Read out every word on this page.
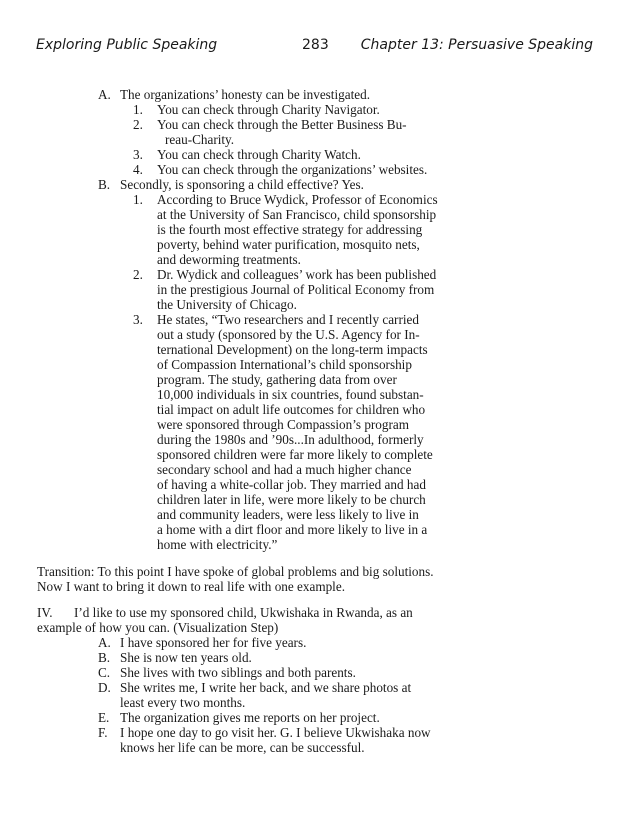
Exploring Public Speaking	283 Chapter 13: Persuasive Speaking
A. The organizations’ honesty can be investigated.
1. You can check through Charity Navigator.
2. You can check through the Better Business Bu-
reau-Charity.
3. You can check through Charity Watch.
4. You can check through the organizations’ websites.
B. Secondly, is sponsoring a child effective? Yes.
1. According to Bruce Wydick, Professor of Economics
at the University of San Francisco, child sponsorship
is the fourth most effective strategy for addressing
poverty, behind water purification, mosquito nets,
and deworming treatments.
2. Dr. Wydick and colleagues’ work has been published
in the prestigious Journal of Political Economy from
the University of Chicago.
3. He states, “Two researchers and I recently carried
out a study (sponsored by the U.S. Agency for In-
ternational Development) on the long-term impacts
of Compassion International’s child sponsorship
program. The study, gathering data from over
10,000 individuals in six countries, found substan-
tial impact on adult life outcomes for children who
were sponsored through Compassion’s program
during the 1980s and ’90s...In adulthood, formerly
sponsored children were far more likely to complete
secondary school and had a much higher chance
of having a white-collar job. They married and had
children later in life, were more likely to be church
and community leaders, were less likely to live in
a home with a dirt floor and more likely to live in a
home with electricity.”
Transition: To this point I have spoke of global problems and big solutions.
Now I want to bring it down to real life with one example.
IV. I’d like to use my sponsored child, Ukwishaka in Rwanda, as an
example of how you can. (Visualization Step)
A. I have sponsored her for five years.
B. She is now ten years old.
C. She lives with two siblings and both parents.
D. She writes me, I write her back, and we share photos at
least every two months.
E. The organization gives me reports on her project.
F. I hope one day to go visit her. G. I believe Ukwishaka now
knows her life can be more, can be successful.
